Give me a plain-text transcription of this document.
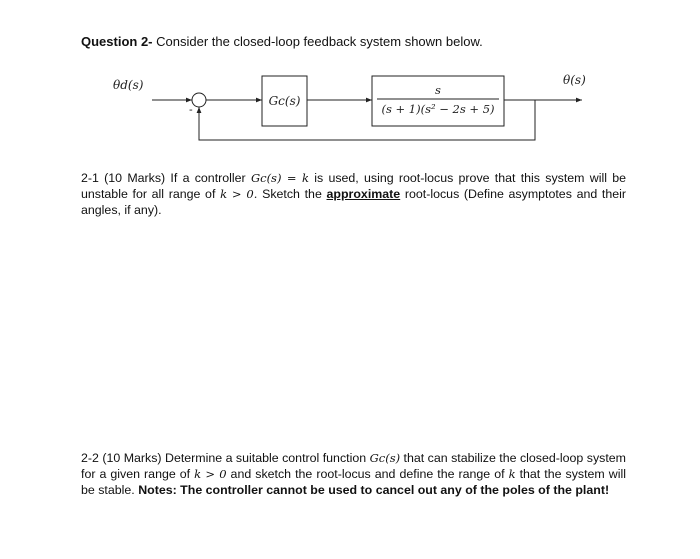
Question 2- Consider the closed-loop feedback system shown below.
θd(s)	θ(s)
-
Gc(s)
s
(s + 1)(s² − 2s + 5)
2-1 (10 Marks) If a controller Gc(s) = k is used, using root-locus prove that this system will be unstable for all range of k > 0. Sketch the approximate root-locus (Define asymptotes and their angles, if any).
2-2 (10 Marks) Determine a suitable control function Gc(s) that can stabilize the closed-loop system for a given range of k > 0 and sketch the root-locus and define the range of k that the system will be stable. Notes: The controller cannot be used to cancel out any of the poles of the plant!
